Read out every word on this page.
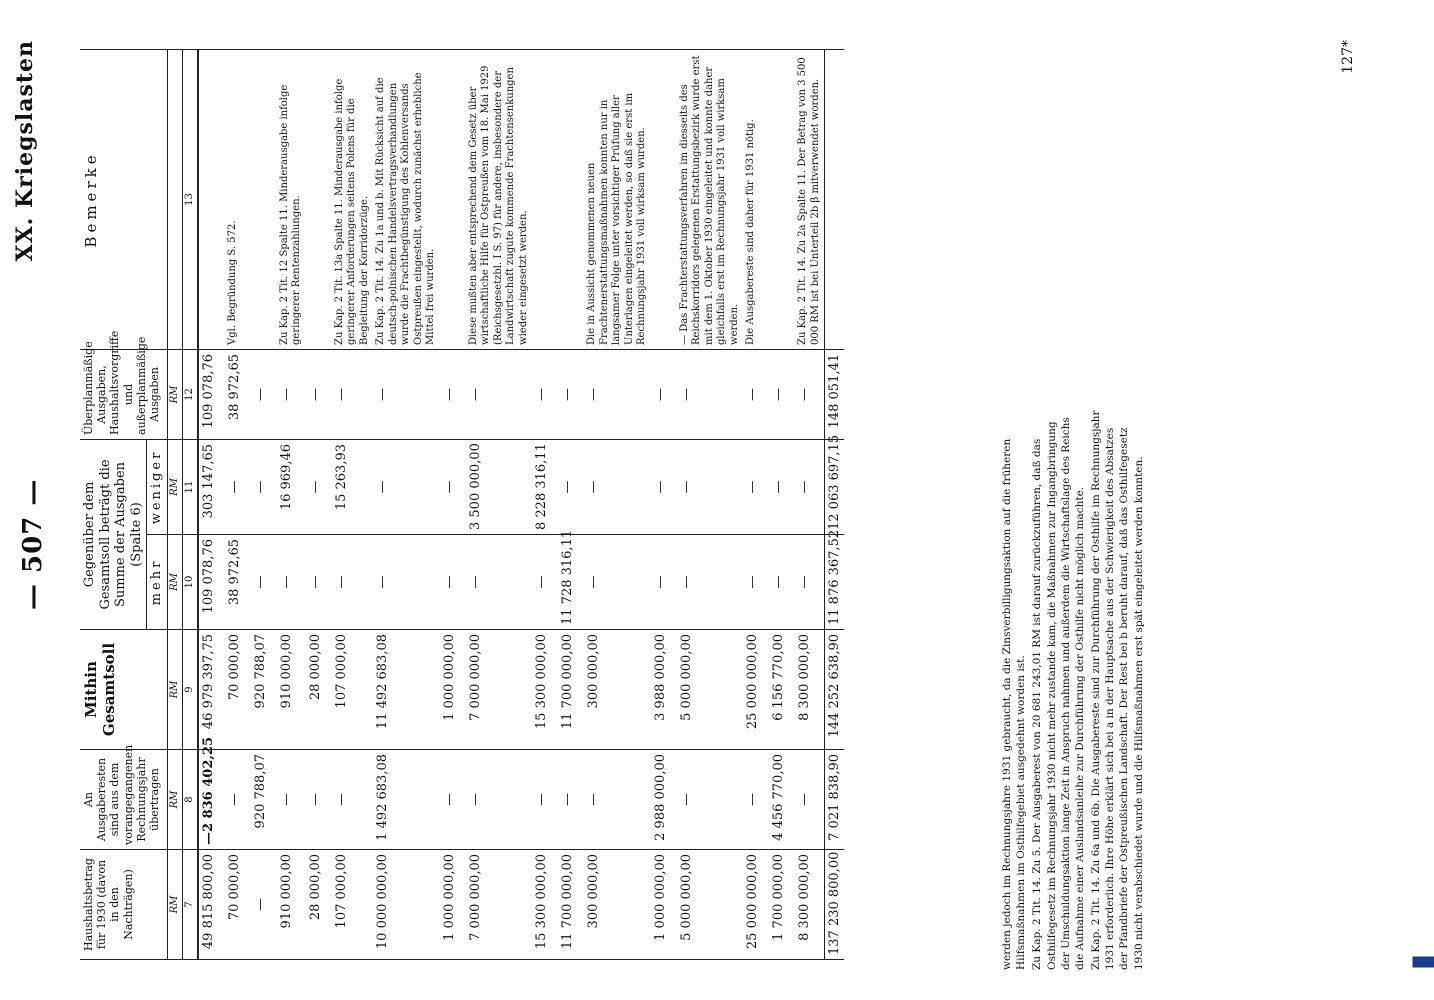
— 507 —
XX. Kriegslasten
Haushaltsbetrag für 1930 (davon in den Nachträgen)	An Ausgaberesten sind aus dem vorangegangenen Rechnungsjahr übertragen	Mithin Gesamtsoll	Gegenüber dem Gesamtsoll beträgt die Summe der Ausgaben (Spalte 6)		Überplanmäßige Ausgaben, Haushaltsvorgriffe und außerplanmäßige Ausgaben	Bemerke
			mehr	weniger		
RM	RM	RM	RM	RM	RM	
7	8	9	10	11	12	13
49 815 800,00	—2 836 402,25	46 979 397,75	109 078,76	303 147,65	109 078,76	
70 000,00	—	70 000,00	38 972,65	—	38 972,65	Vgl. Begründung S. 572.
—	920 788,07	920 788,07	—	—	—	
910 000,00	—	910 000,00	—	16 969,46	—	Zu Kap. 2 Tit. 12 Spalte 11. Minderausgabe infolge geringerer Rentenzahlungen.
28 000,00	—	28 000,00	—	—	—	
107 000,00	—	107 000,00	—	15 263,93	—	Zu Kap. 2 Tit. 13a Spalte 11. Minderausgabe infolge geringerer Anforderungen seitens Polens für die Begleitung der Korridorzüge.
10 000 000,00	1 492 683,08	11 492 683,08	—	—	—	Zu Kap. 2 Tit. 14. Zu 1a und b. Mit Rücksicht auf die deutsch-polnischen Handelsvertragsverhandlungen wurde die Frachtbegünstigung des Kohlenversands Ostpreußen eingestellt, wodurch zunächst erhebliche Mittel frei wurden.
1 000 000,00	—	1 000 000,00	—	—	—	
7 000 000,00	—	7 000 000,00	—	3 500 000,00	—	Diese mußten aber entsprechend dem Gesetz über wirtschaftliche Hilfe für Ostpreußen vom 18. Mai 1929 (Reichsgesetzbl. I S. 97) für andere, insbesondere der Landwirtschaft zugute kommende Frachtensenkungen wieder eingesetzt werden.
15 300 000,00	—	15 300 000,00	—	8 228 316,11	—	
11 700 000,00	—	11 700 000,00	11 728 316,11	—	—	
300 000,00	—	300 000,00	—	—	—	Die in Aussicht genommenen neuen Frachtenerstattungsmaßnahmen konnten nur in langsamer Folge unter vorsichtiger Prüfung aller Unterlagen eingeleitet werden, so daß sie erst im Rechnungsjahr 1931 voll wirksam wurden.
1 000 000,00	2 988 000,00	3 988 000,00	—	—	—	
5 000 000,00	—	5 000 000,00	—	—	—	— Das Frachterstattungsverfahren im diesseits des Reichskorridors gelegenen Erstattungsbezirk wurde erst mit dem 1. Oktober 1930 eingeleitet und konnte daher gleichfalls erst im Rechnungsjahr 1931 voll wirksam werden.
25 000 000,00	—	25 000 000,00	—	—	—	Die Ausgabereste sind daher für 1931 nötig.
1 700 000,00	4 456 770,00	6 156 770,00	—	—	—	
8 300 000,00	—	8 300 000,00	—	—	—	Zu Kap. 2 Tit. 14. Zu 2a Spalte 11. Der Betrag von 3 500 000 RM ist bei Unterteil 2b β mitverwendet worden.
137 230 800,00	7 021 838,90	144 252 638,90	11 876 367,52	12 063 697,15	148 051,41	

werden jedoch im Rechnungsjahre 1931 gebraucht, da die Zinsverbilligungsaktion auf die früheren Hilfsmaßnahmen im Osthilfegebiet ausgedehnt worden ist. Zu Kap. 2 Tit. 14. Zu 5. Der Ausgaberest von 20 681 243,01 RM ist darauf zurückzuführen, daß das Osthilfegesetz im Rechnungsjahr 1930 nicht mehr zustande kam, die Maßnahmen zur Ingangbringung der Umschuldungsaktion lange Zeit in Anspruch nahmen und außerdem die Wirtschaftslage des Reichs die Aufnahme einer Auslandsanleihe zur Durchführung der Osthilfe nicht möglich machte. Zu Kap. 2 Tit. 14. Zu 6a und 6b. Die Ausgabereste sind zur Durchführung der Osthilfe im Rechnungsjahr 1931 erforderlich. Ihre Höhe erklärt sich bei a in der Hauptsache aus der Schwierigkeit des Absatzes der Pfandbriefe der Ostpreußischen Landschaft. Der Rest bei b beruht darauf, daß das Osthilfegesetz 1930 nicht verabschiedet wurde und die Hilfsmaßnahmen erst spät eingeleitet werden konnten.

127*
